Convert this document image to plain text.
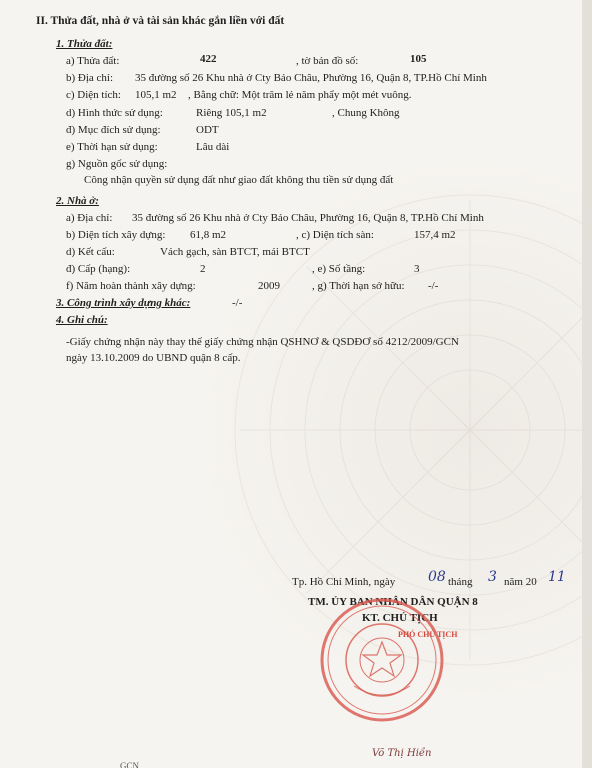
II. Thửa đất, nhà ở và tài sản khác gắn liền với đất
1. Thửa đất:
a) Thửa đất:	422	, tờ bản đồ số:	105
b) Địa chỉ: 35 đường số 26 Khu nhà ở Cty Bảo Châu, Phường 16, Quận 8, TP.Hồ Chí Minh
c) Diện tích: 105,1 m2 , Bằng chữ: Một trăm lẻ năm phẩy một mét vuông.
d) Hình thức sử dụng:	Riêng 105,1 m2	, Chung Không
đ) Mục đích sử dụng:	ODT
e) Thời hạn sử dụng:	Lâu dài
g) Nguồn gốc sử dụng:
Công nhận quyền sử dụng đất như giao đất không thu tiền sử dụng đất
2. Nhà ở:
a) Địa chỉ: 35 đường số 26 Khu nhà ở Cty Bảo Châu, Phường 16, Quận 8, TP.Hồ Chí Minh
b) Diện tích xây dựng: 61,8 m2	, c) Diện tích sàn:	157,4 m2
d) Kết cấu:	Vách gạch, sàn BTCT, mái BTCT
đ) Cấp (hạng):	2	, e) Số tầng:	3
f) Năm hoàn thành xây dựng:	2009	, g) Thời hạn sở hữu: -/-
3. Công trình xây dựng khác:	-/-
4. Ghi chú:
-Giấy chứng nhận này thay thế giấy chứng nhận QSHNƠ & QSDĐƠ số 4212/2009/GCN
ngày 13.10.2009 do UBND quận 8 cấp.
Tp. Hồ Chí Minh, ngày 08 tháng 3 năm 20 11
TM. ỦY BAN NHÂN DÂN QUẬN 8
KT. CHỦ TỊCH
PHÓ CHỦ TỊCH
Võ Thị Hiền
GCN
